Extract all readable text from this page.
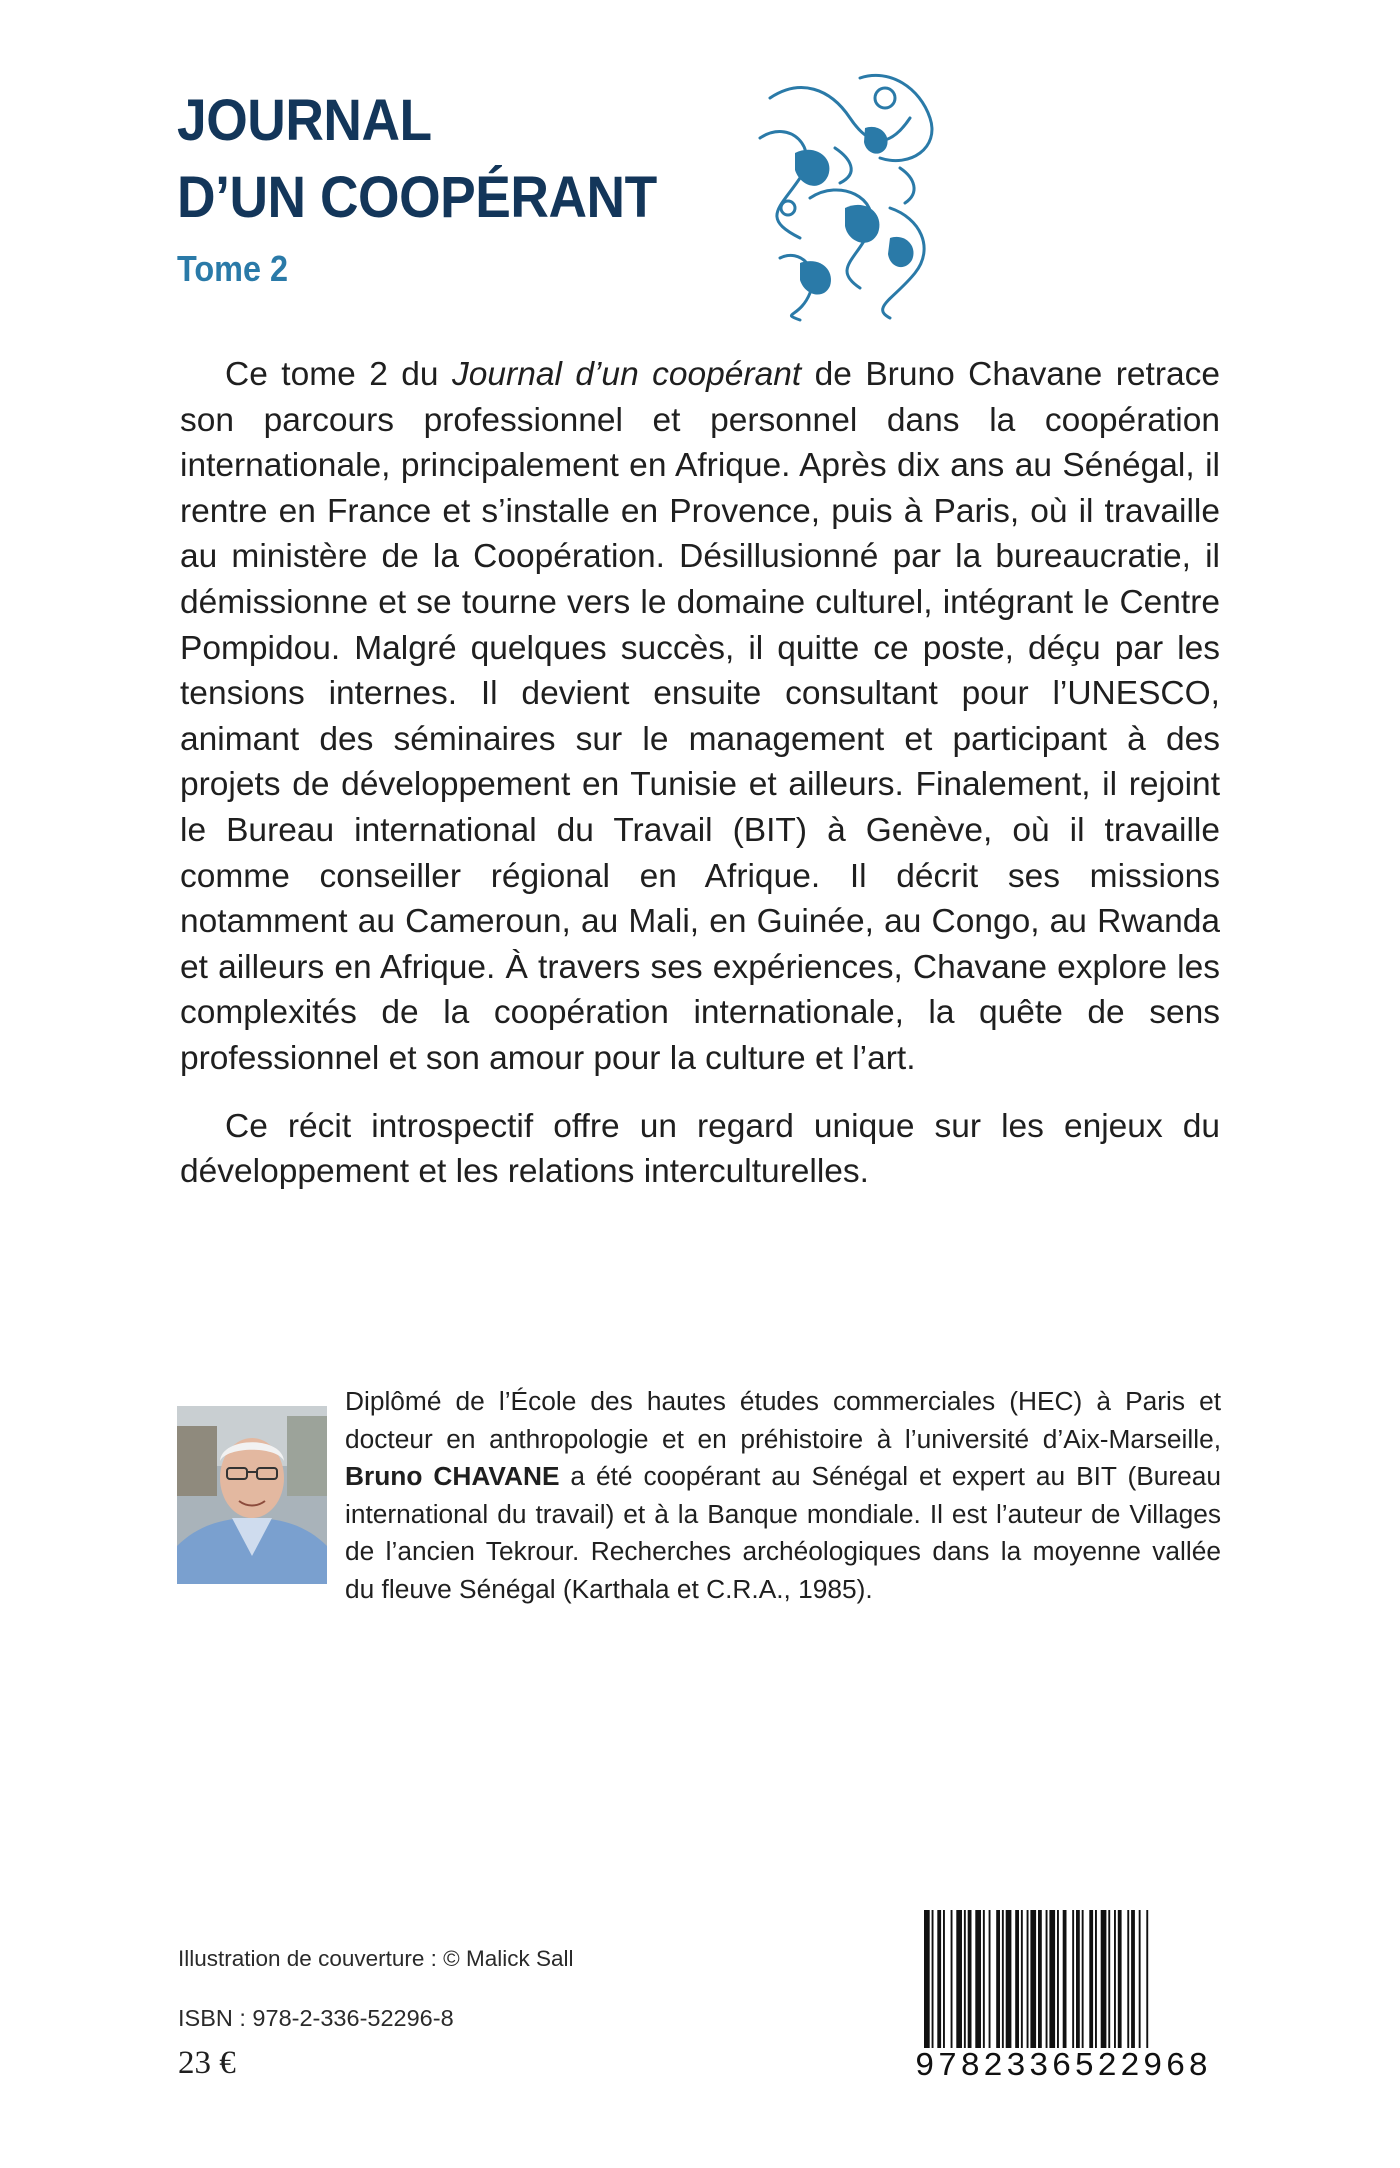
JOURNAL
D’UN COOPÉRANT
Tome 2

Ce tome 2 du Journal d’un coopérant de Bruno Chavane retrace son parcours professionnel et personnel dans la coopération internationale, principalement en Afrique. Après dix ans au Sénégal, il rentre en France et s’installe en Provence, puis à Paris, où il travaille au ministère de la Coopération. Désillusionné par la bureaucratie, il démissionne et se tourne vers le domaine culturel, intégrant le Centre Pompidou. Malgré quelques succès, il quitte ce poste, déçu par les tensions internes. Il devient ensuite consultant pour l’UNESCO, animant des séminaires sur le management et participant à des projets de développement en Tunisie et ailleurs. Finalement, il rejoint le Bureau international du Travail (BIT) à Genève, où il travaille comme conseiller régional en Afrique. Il décrit ses missions notamment au Cameroun, au Mali, en Guinée, au Congo, au Rwanda et ailleurs en Afrique. À travers ses expériences, Chavane explore les complexités de la coopération internationale, la quête de sens professionnel et son amour pour la culture et l’art.

Ce récit introspectif offre un regard unique sur les enjeux du développement et les relations interculturelles.

Diplômé de l’École des hautes études commerciales (HEC) à Paris et docteur en anthropologie et en préhistoire à l’université d’Aix-Marseille, Bruno CHAVANE a été coopérant au Sénégal et expert au BIT (Bureau international du travail) et à la Banque mondiale. Il est l’auteur de Villages de l’ancien Tekrour. Recherches archéologiques dans la moyenne vallée du fleuve Sénégal (Karthala et C.R.A., 1985).
Illustration de couverture : © Malick Sall
ISBN : 978-2-336-52296-8
23 €	9782336522968
